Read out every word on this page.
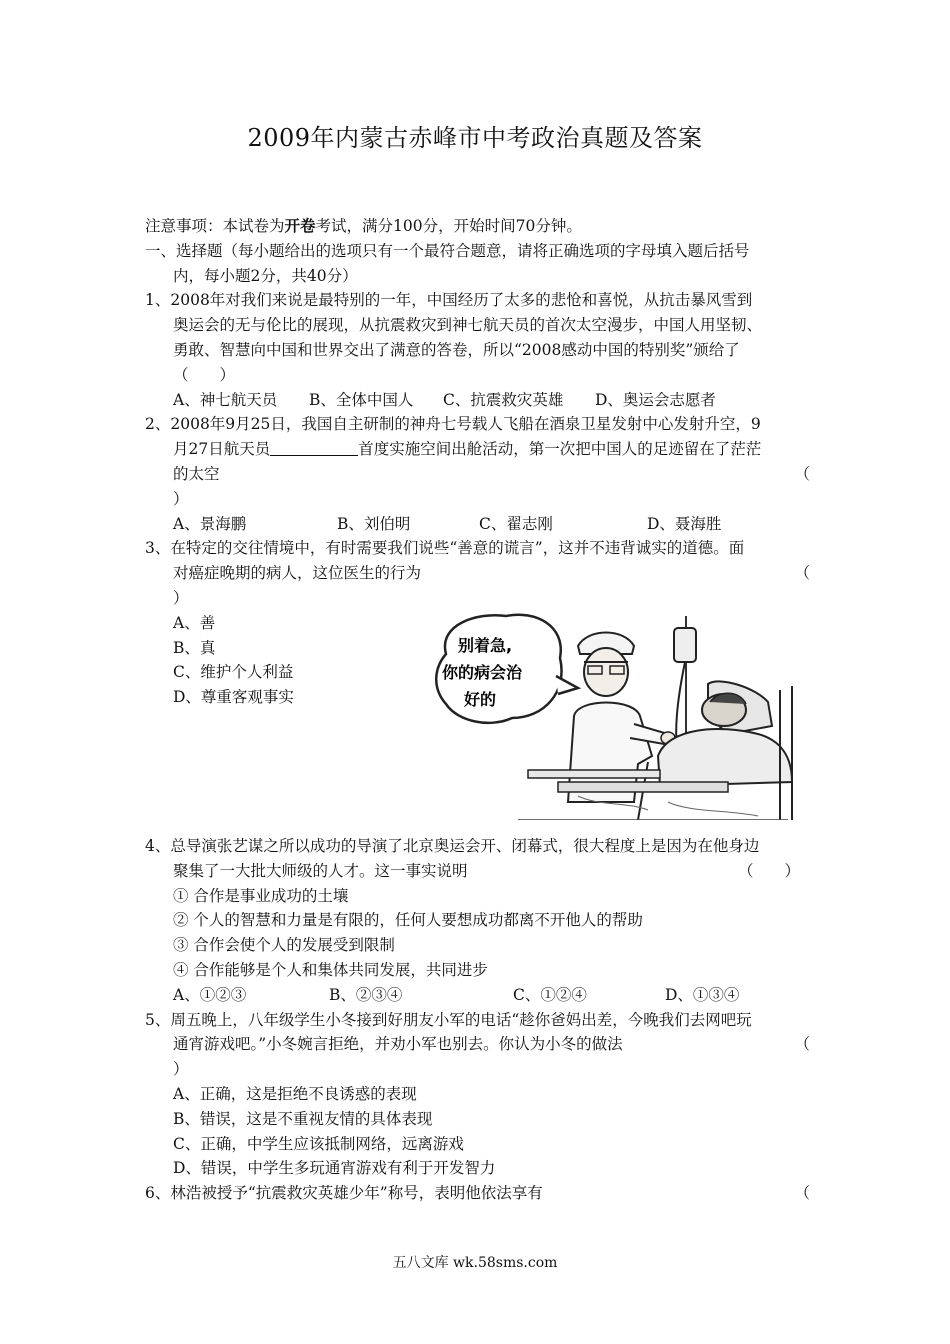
2009年内蒙古赤峰市中考政治真题及答案
注意事项：本试卷为开卷考试，满分100分，开始时间70分钟。
一、选择题（每小题给出的选项只有一个最符合题意，请将正确选项的字母填入题后括号
内，每小题2分，共40分）
1、2008年对我们来说是最特别的一年，中国经历了太多的悲怆和喜悦，从抗击暴风雪到
奥运会的无与伦比的展现，从抗震救灾到神七航天员的首次太空漫步，中国人用坚韧、
勇敢、智慧向中国和世界交出了满意的答卷，所以“2008感动中国的特别奖”颁给了
（　　）
A、神七航天员	B、全体中国人	C、抗震救灾英雄	D、奥运会志愿者
2、2008年9月25日，我国自主研制的神舟七号载人飞船在酒泉卫星发射中心发射升空，9
月27日航天员	首度实施空间出舱活动，第一次把中国人的足迹留在了茫茫
的太空	（
）
A、景海鹏	B、刘伯明	C、翟志刚	D、聂海胜
3、在特定的交往情境中，有时需要我们说些“善意的谎言”，这并不违背诚实的道德。面
对癌症晚期的病人，这位医生的行为	（
）
A、善
B、真
C、维护个人利益
D、尊重客观事实
4、总导演张艺谋之所以成功的导演了北京奥运会开、闭幕式，很大程度上是因为在他身边
聚集了一大批大师级的人才。这一事实说明	（　　）
① 合作是事业成功的土壤
② 个人的智慧和力量是有限的，任何人要想成功都离不开他人的帮助
③ 合作会使个人的发展受到限制
④ 合作能够是个人和集体共同发展，共同进步
A、①②③	B、②③④	C、①②④	D、①③④
5、周五晚上，八年级学生小冬接到好朋友小军的电话“趁你爸妈出差，今晚我们去网吧玩
通宵游戏吧。”小冬婉言拒绝，并劝小军也别去。你认为小冬的做法	（
）
A、正确，这是拒绝不良诱惑的表现
B、错误，这是不重视友情的具体表现
C、正确，中学生应该抵制网络，远离游戏
D、错误，中学生多玩通宵游戏有利于开发智力
6、林浩被授予“抗震救灾英雄少年”称号，表明他依法享有	（
别着急,
你的病会治
好的
五八文库 wk.58sms.com
